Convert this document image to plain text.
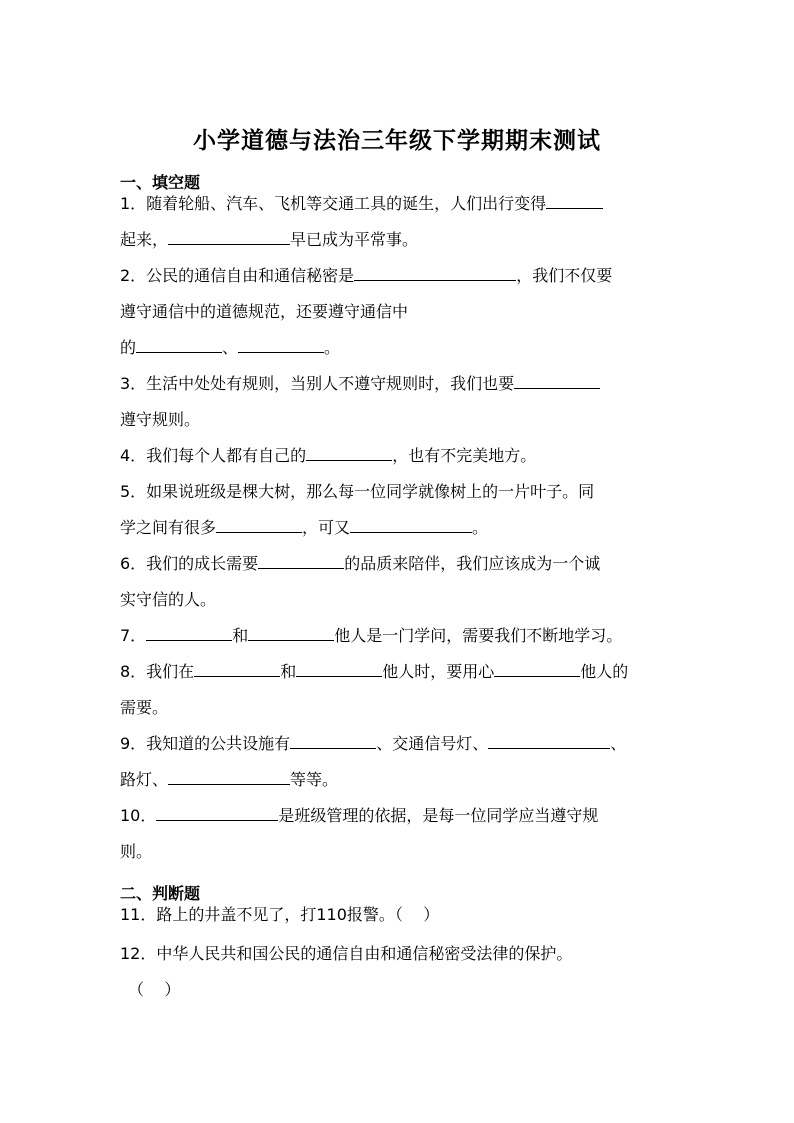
小学道德与法治三年级下学期期末测试
一、填空题
1．随着轮船、汽车、飞机等交通工具的诞生，人们出行变得
起来，	早已成为平常事。
2．公民的通信自由和通信秘密是	，我们不仅要
遵守通信中的道德规范，还要遵守通信中
的	、	。
3．生活中处处有规则，当别人不遵守规则时，我们也要
遵守规则。
4．我们每个人都有自己的	，也有不完美地方。
5．如果说班级是棵大树，那么每一位同学就像树上的一片叶子。同
学之间有很多	，可又	。
6．我们的成长需要	的品质来陪伴，我们应该成为一个诚
实守信的人。
7．	和	他人是一门学问，需要我们不断地学习。
8．我们在	和	他人时，要用心	他人的
需要。
9．我知道的公共设施有	、交通信号灯、	、
路灯、	等等。
10．	是班级管理的依据，是每一位同学应当遵守规
则。
二、判断题
11．路上的井盖不见了，打110报警。（ ）
12．中华人民共和国公民的通信自由和通信秘密受法律的保护。
（ ）
